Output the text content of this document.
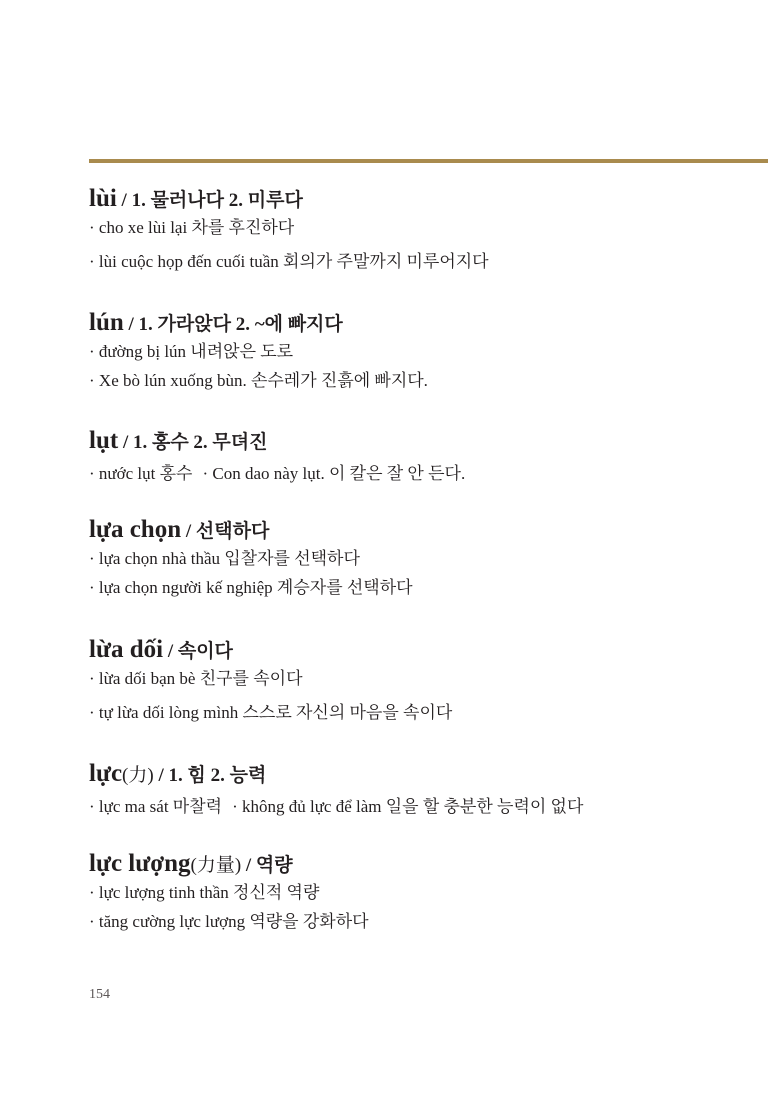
lùi / 1. 물러나다 2. 미루다
· cho xe lùi lại 차를 후진하다
· lùi cuộc họp đến cuối tuần 회의가 주말까지 미루어지다
lún / 1. 가라앉다 2. ~에 빠지다
· đường bị lún 내려앉은 도로
· Xe bò lún xuống bùn. 손수레가 진흙에 빠지다.
lụt / 1. 홍수 2. 무뎌진
· nước lụt 홍수 · Con dao này lụt. 이 칼은 잘 안 든다.
lựa chọn / 선택하다
· lựa chọn nhà thầu 입찰자를 선택하다
· lựa chọn người kế nghiệp 계승자를 선택하다
lừa dối / 속이다
· lừa dối bạn bè 친구를 속이다
· tự lừa dối lòng mình 스스로 자신의 마음을 속이다
lực(力) / 1. 힘 2. 능력
· lực ma sát 마찰력 · không đủ lực để làm 일을 할 충분한 능력이 없다
lực lượng(力量) / 역량
· lực lượng tinh thần 정신적 역량
· tăng cường lực lượng 역량을 강화하다
154
